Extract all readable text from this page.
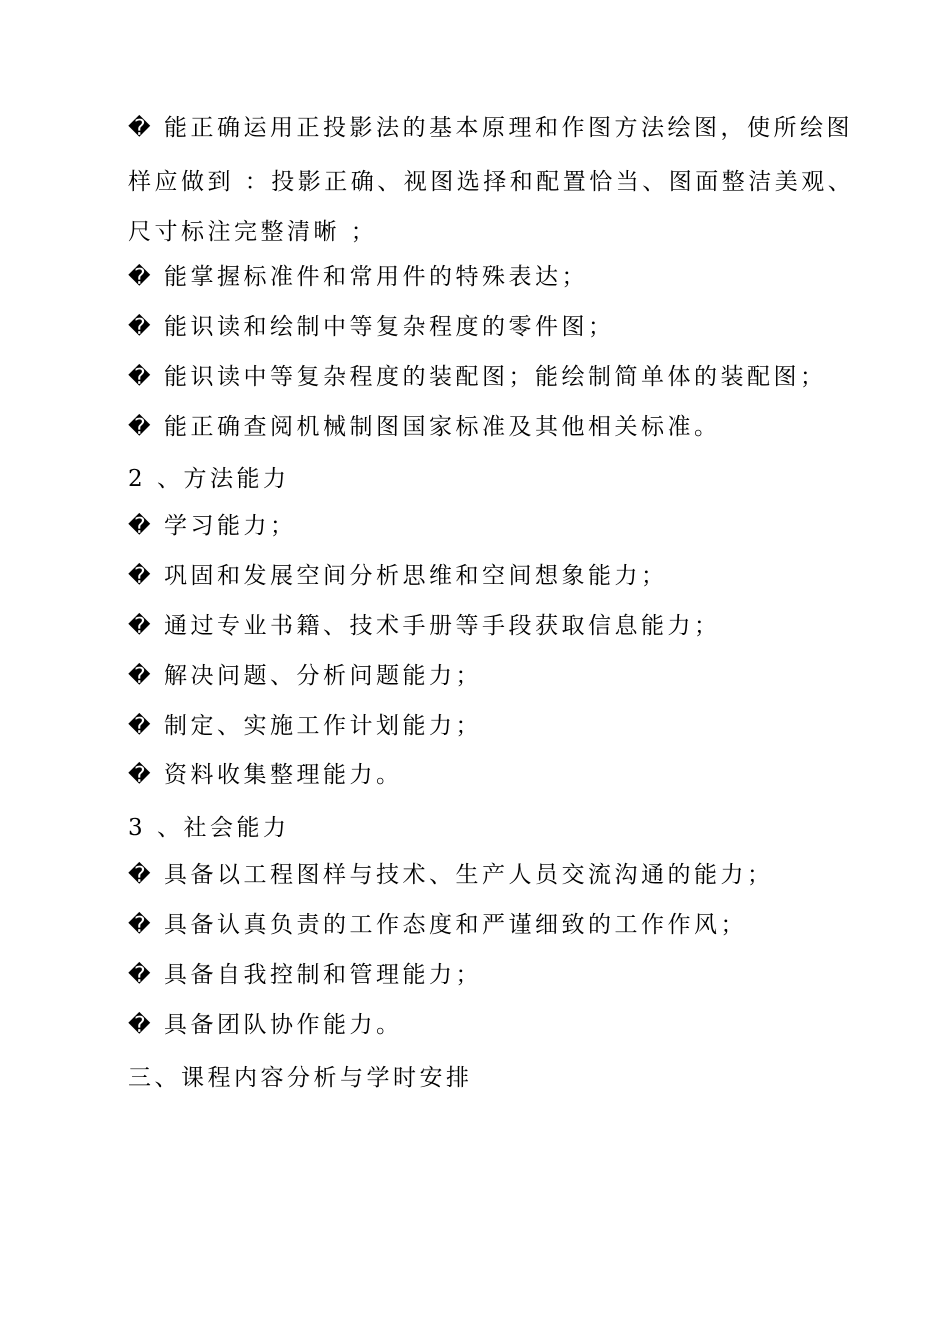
� 能正确运用正投影法的基本原理和作图方法绘图，使所绘图
样应做到 ：投影正确、视图选择和配置恰当、图面整洁美观、
尺寸标注完整清晰 ；
� 能掌握标准件和常用件的特殊表达；
� 能识读和绘制中等复杂程度的零件图；
� 能识读中等复杂程度的装配图；能绘制简单体的装配图；
� 能正确查阅机械制图国家标准及其他相关标准。
2 、方法能力
� 学习能力；
� 巩固和发展空间分析思维和空间想象能力；
� 通过专业书籍、技术手册等手段获取信息能力；
� 解决问题、分析问题能力；
� 制定、实施工作计划能力；
� 资料收集整理能力。
3 、社会能力
� 具备以工程图样与技术、生产人员交流沟通的能力；
� 具备认真负责的工作态度和严谨细致的工作作风；
� 具备自我控制和管理能力；
� 具备团队协作能力。
三、课程内容分析与学时安排
